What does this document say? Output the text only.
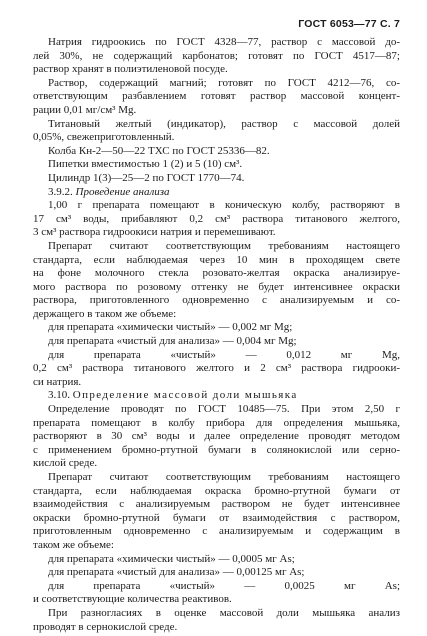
ГОСТ 6053—77 С. 7

Натрия гидроокись по ГОСТ 4328—77, раствор с массовой до-

лей 30%, не содержащий карбонатов; готовят по ГОСТ 4517—87;

раствор хранят в полиэтиленовой посуде.

Раствор, содержащий магний; готовят по ГОСТ 4212—76, со-

ответствующим разбавлением готовят раствор массовой концент-

рации 0,01 мг/см³ Mg.

Титановый желтый (индикатор), раствор с массовой долей

0,05%, свежеприготовленный.

Колба Кн-2—50—22 ТХС по ГОСТ 25336—82.

Пипетки вместимостью 1 (2) и 5 (10) см³.

Цилиндр 1(3)—25—2 по ГОСТ 1770—74.

3.9.2. Проведение анализа

1,00 г препарата помещают в коническую колбу, растворяют в

17 см³ воды, прибавляют 0,2 см³ раствора титанового желтого,

3 см³ раствора гидроокиси натрия и перемешивают.

Препарат считают соответствующим требованиям настоящего

стандарта, если наблюдаемая через 10 мин в проходящем свете

на фоне молочного стекла розовато-желтая окраска анализируе-

мого раствора по розовому оттенку не будет интенсивнее окраски

раствора, приготовленного одновременно с анализируемым и со-

держащего в таком же объеме:

для препарата «химически чистый» — 0,002 мг Mg;

для препарата «чистый для анализа» — 0,004 мг Mg;

для препарата «чистый» — 0,012 мг Mg,

0,2 см³ раствора титанового желтого и 2 см³ раствора гидрооки-

си натрия.

3.10. Определение массовой доли мышьяка

Определение проводят по ГОСТ 10485—75. При этом 2,50 г

препарата помещают в колбу прибора для определения мышьяка,

растворяют в 30 см³ воды и далее определение проводят методом

с применением бромно-ртутной бумаги в солянокислой или серно-

кислой среде.

Препарат считают соответствующим требованиям настоящего

стандарта, если наблюдаемая окраска бромно-ртутной бумаги от

взаимодействия с анализируемым раствором не будет интенсивнее

окраски бромно-ртутной бумаги от взаимодействия с раствором,

приготовленным одновременно с анализируемым и содержащим в

таком же объеме:

для препарата «химически чистый» — 0,0005 мг As;

для препарата «чистый для анализа» — 0,00125 мг As;

для препарата «чистый» — 0,0025 мг As;

и соответствующие количества реактивов.

При разногласиях в оценке массовой доли мышьяка анализ

проводят в сернокислой среде.
